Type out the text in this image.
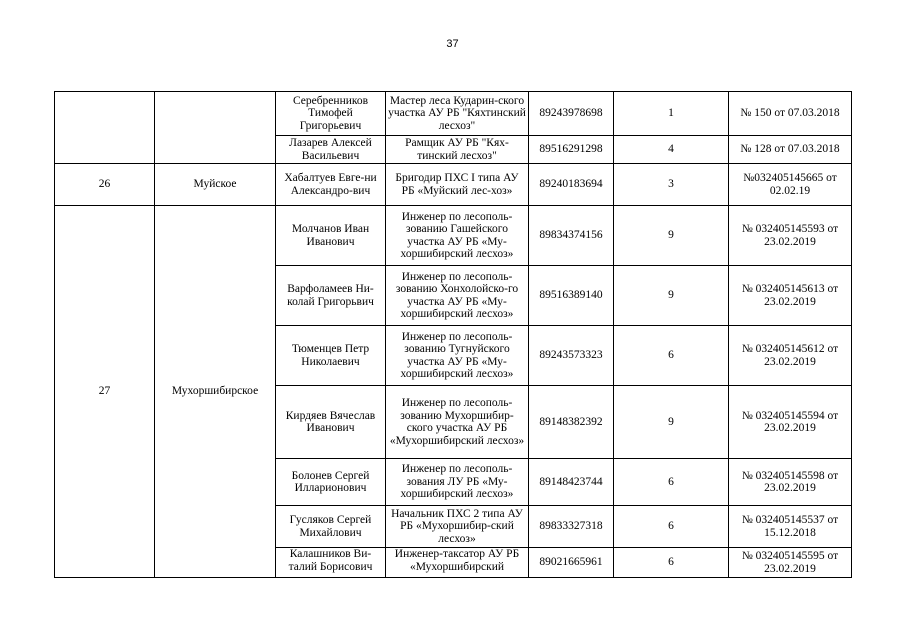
37
		Серебренников Тимофей Григорьевич	Мастер леса Кударин-ского участка АУ РБ "Кяхтинский лесхоз"	89243978698	1	№ 150 от 07.03.2018
		Лазарев Алексей Васильевич	Рамщик АУ РБ "Кях-тинский лесхоз"	89516291298	4	№ 128 от 07.03.2018
26	Муйское	Хабалтуев Евге-ни Александро-вич	Бригодир ПХС I типа АУ РБ «Муйский лес-хоз»	89240183694	3	№032405145665 от 02.02.19
27	Мухоршибирское	Молчанов Иван Иванович	Инженер по лесополь-зованию Гашейского участка АУ РБ «Му-хоршибирский лесхоз»	89834374156	9	№ 032405145593 от 23.02.2019
		Варфоламеев Ни-колай Григорьвич	Инженер по лесополь-зованию Хонхолойско-го участка АУ РБ «Му-хоршибирский лесхоз»	89516389140	9	№ 032405145613 от 23.02.2019
		Тюменцев Петр Николаевич	Инженер по лесополь-зованию Тугнуйского участка АУ РБ «Му-хоршибирский лесхоз»	89243573323	6	№ 032405145612 от 23.02.2019
		Кирдяев Вячеслав Иванович	Инженер по лесополь-зованию Мухоршибир-ского участка АУ РБ «Мухоршибирский лесхоз»	89148382392	9	№ 032405145594 от 23.02.2019
		Болонев Сергей Илларионович	Инженер по лесополь-зования ЛУ РБ «Му-хоршибирский лесхоз»	89148423744	6	№ 032405145598 от 23.02.2019
		Гусляков Сергей Михайлович	Начальник ПХС 2 типа АУ РБ «Мухоршибир-ский лесхоз»	89833327318	6	№ 032405145537 от 15.12.2018
		Калашников Ви-талий Борисович	Инженер-таксатор АУ РБ «Мухоршибирский	89021665961	6	№ 032405145595 от 23.02.2019
